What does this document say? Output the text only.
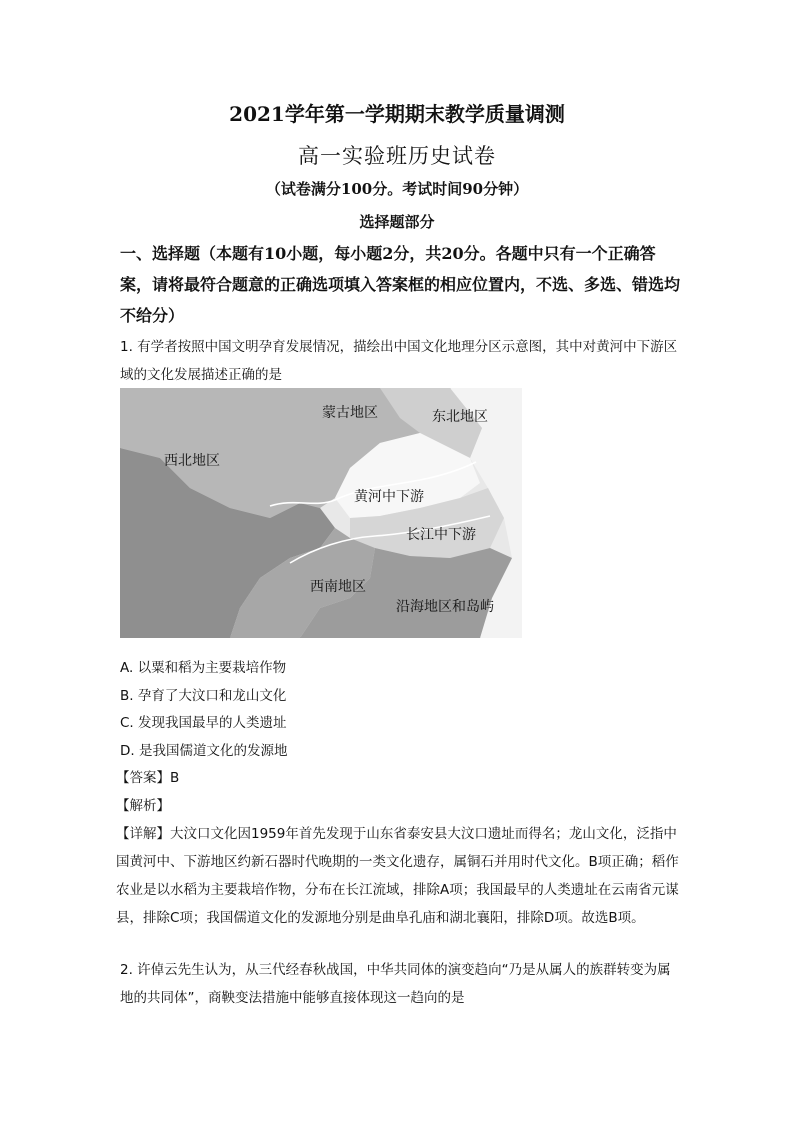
2021学年第一学期期末教学质量调测
高一实验班历史试卷
（试卷满分100分。考试时间90分钟）
选择题部分
一、选择题（本题有10小题，每小题2分，共20分。各题中只有一个正确答案，请将最符合题意的正确选项填入答案框的相应位置内，不选、多选、错选均不给分）
1. 有学者按照中国文明孕育发展情况，描绘出中国文化地理分区示意图，其中对黄河中下游区域的文化发展描述正确的是
蒙古地区	东北地区
西北地区
黄河中下游
长江中下游
西南地区
沿海地区和岛屿
A. 以粟和稻为主要栽培作物
B. 孕育了大汶口和龙山文化
C. 发现我国最早的人类遗址
D. 是我国儒道文化的发源地
【答案】B
【解析】
【详解】大汶口文化因1959年首先发现于山东省泰安县大汶口遗址而得名；龙山文化，泛指中国黄河中、下游地区约新石器时代晚期的一类文化遗存，属铜石并用时代文化。B项正确；稻作农业是以水稻为主要栽培作物，分布在长江流域，排除A项；我国最早的人类遗址在云南省元谋县，排除C项；我国儒道文化的发源地分别是曲阜孔庙和湖北襄阳，排除D项。故选B项。
2. 许倬云先生认为，从三代经春秋战国，中华共同体的演变趋向“乃是从属人的族群转变为属地的共同体”，商鞅变法措施中能够直接体现这一趋向的是
